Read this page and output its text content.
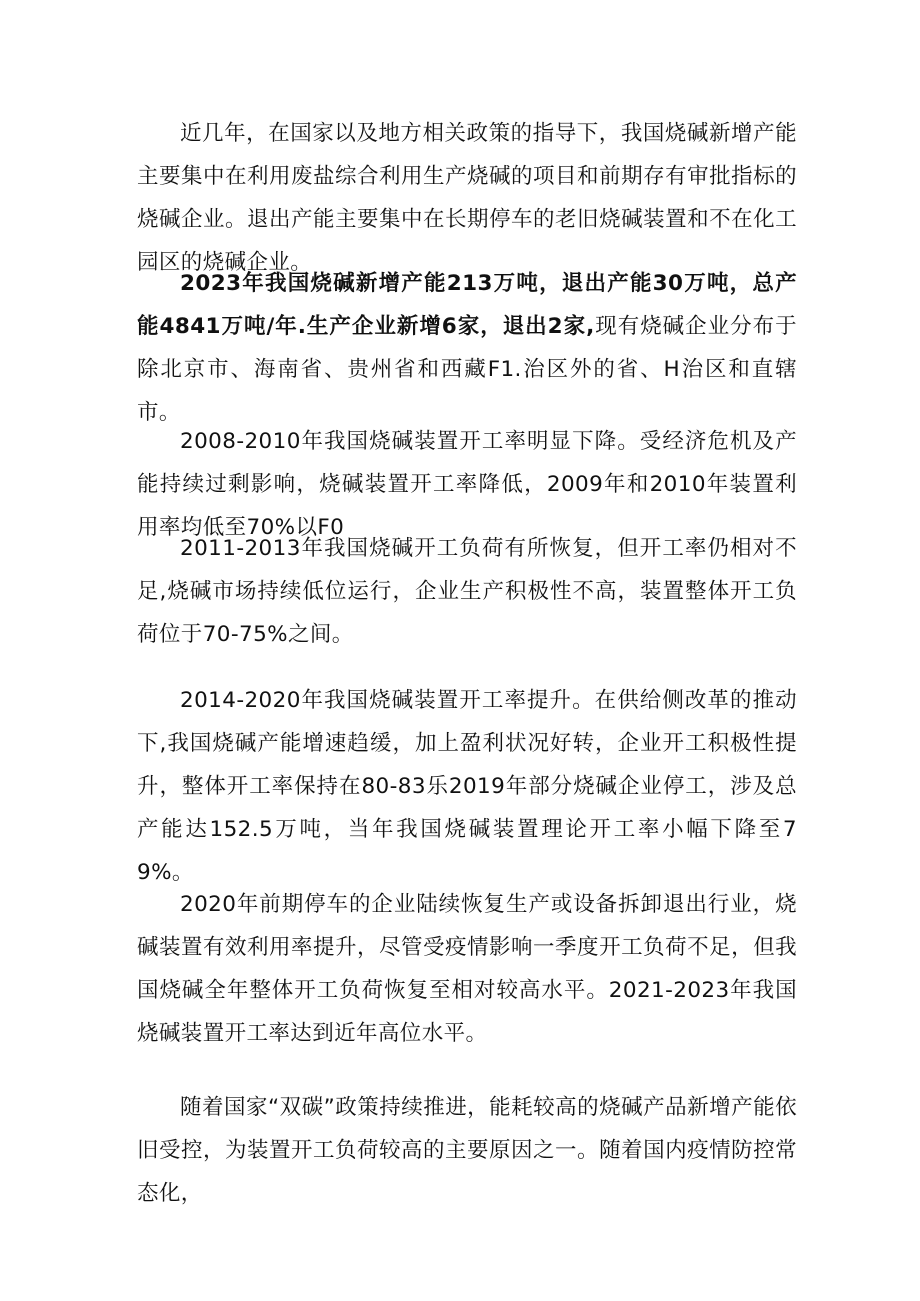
近几年，在国家以及地方相关政策的指导下，我国烧碱新增产能主要集中在利用废盐综合利用生产烧碱的项目和前期存有审批指标的烧碱企业。退出产能主要集中在长期停车的老旧烧碱装置和不在化工园区的烧碱企业。

2023年我国烧碱新增产能213万吨，退出产能30万吨，总产能4841万吨/年.生产企业新增6家，退出2家,现有烧碱企业分布于除北京市、海南省、贵州省和西藏F1.治区外的省、H治区和直辖市。

2008-2010年我国烧碱装置开工率明显下降。受经济危机及产能持续过剩影响，烧碱装置开工率降低，2009年和2010年装置利用率均低至70%以F0

2011-2013年我国烧碱开工负荷有所恢复，但开工率仍相对不足,烧碱市场持续低位运行，企业生产积极性不高，装置整体开工负荷位于70-75%之间。

2014-2020年我国烧碱装置开工率提升。在供给侧改革的推动下,我国烧碱产能增速趋缓，加上盈利状况好转，企业开工积极性提升，整体开工率保持在80-83乐2019年部分烧碱企业停工，涉及总产能达152.5万吨，当年我国烧碱装置理论开工率小幅下降至79%。

2020年前期停车的企业陆续恢复生产或设备拆卸退出行业，烧碱装置有效利用率提升，尽管受疫情影响一季度开工负荷不足，但我国烧碱全年整体开工负荷恢复至相对较高水平。2021-2023年我国烧碱装置开工率达到近年高位水平。

随着国家“双碳”政策持续推进，能耗较高的烧碱产品新增产能依旧受控，为装置开工负荷较高的主要原因之一。随着国内疫情防控常态化，
